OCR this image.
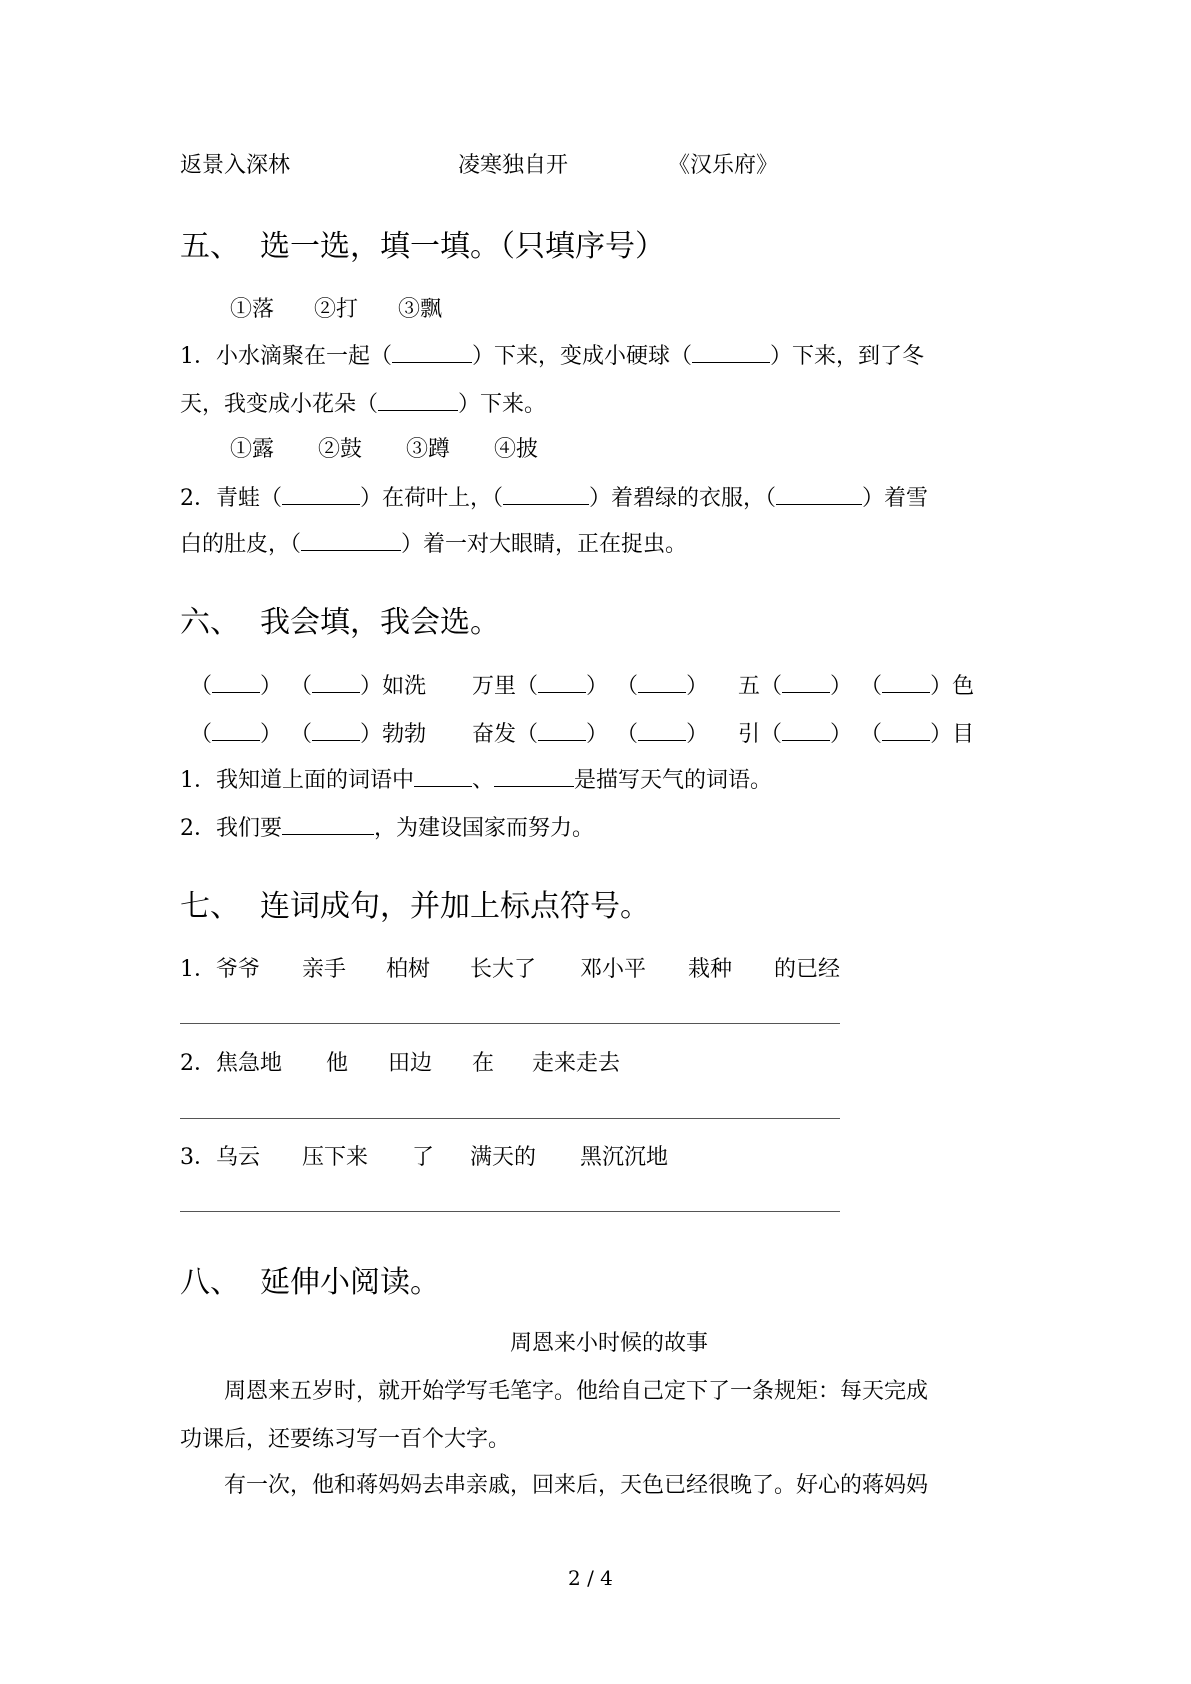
返景入深林	凌寒独自开	《汉乐府》
五、 选一选，填一填。（只填序号）
①落 ②打 ③飘
1．小水滴聚在一起（	）下来，变成小硬球（	）下来，到了冬
天，我变成小花朵（	）下来。
①露 ②鼓 ③蹲 ④披
2．青蛙（	）在荷叶上，（	）着碧绿的衣服，（	）着雪
白的肚皮，（	）着一对大眼睛，正在捉虫。
六、 我会填，我会选。
（ ） （ ）如洗 万里（ ） （ ） 五（ ） （ ）色
（ ） （ ）勃勃 奋发（ ） （ ） 引（ ） （ ）目
1．我知道上面的词语中	、	是描写天气的词语。
2．我们要	，为建设国家而努力。
七、 连词成句，并加上标点符号。
1．爷爷 亲手 柏树 长大了 邓小平 栽种 的已经
2．焦急地 他 田边 在 走来走去
3．乌云 压下来 了 满天的 黑沉沉地
八、 延伸小阅读。
周恩来小时候的故事
周恩来五岁时，就开始学写毛笔字。他给自己定下了一条规矩：每天完成
功课后，还要练习写一百个大字。
有一次，他和蒋妈妈去串亲戚，回来后，天色已经很晚了。好心的蒋妈妈
2 / 4
